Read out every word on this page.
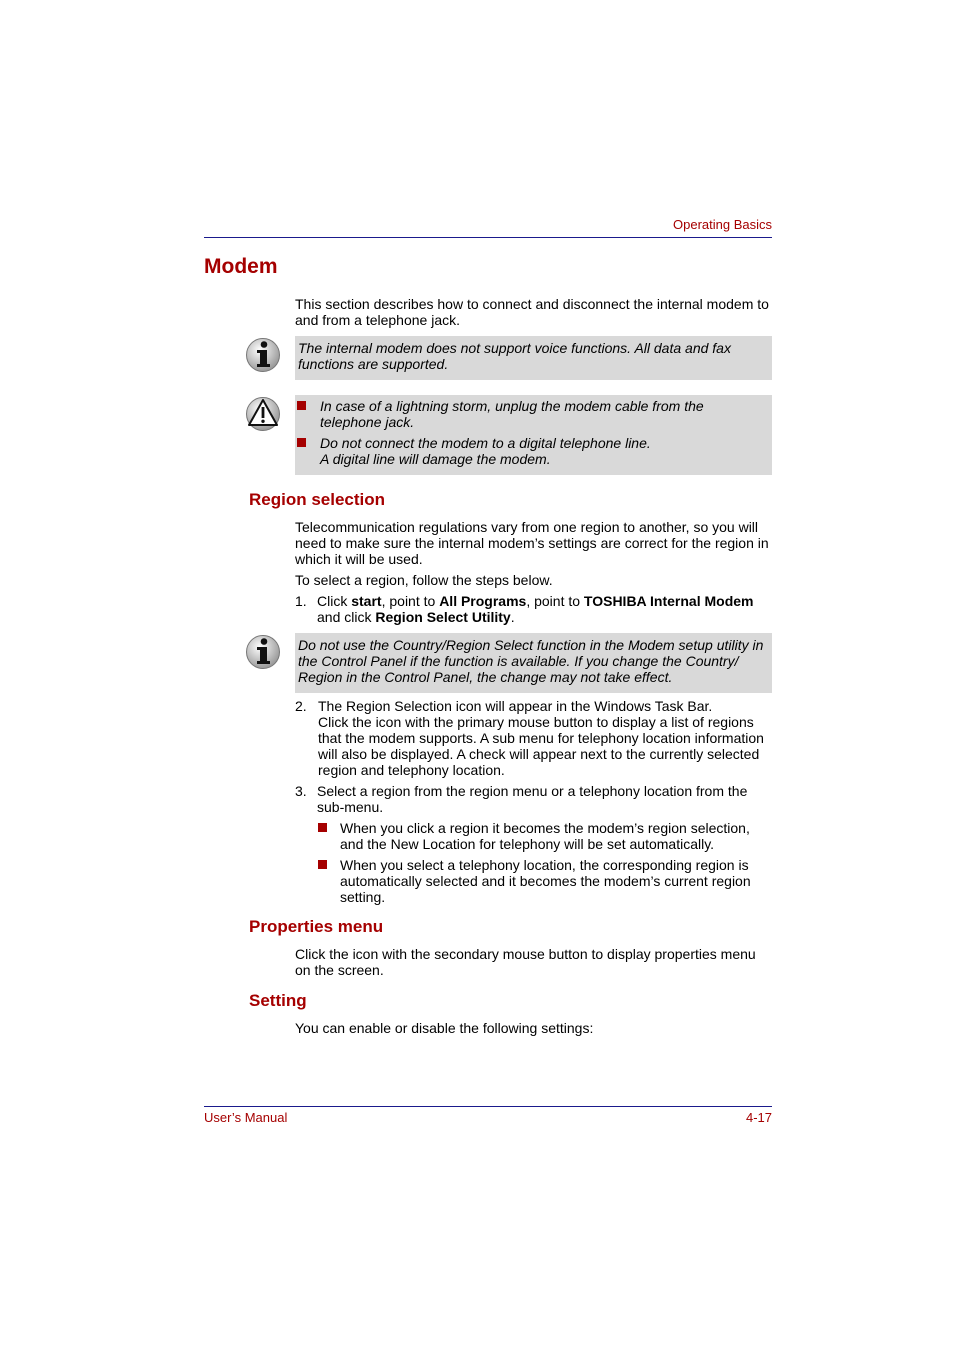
Operating Basics
Modem
This section describes how to connect and disconnect the internal modem to and from a telephone jack.
The internal modem does not support voice functions. All data and fax functions are supported.
In case of a lightning storm, unplug the modem cable from the
telephone jack.
Do not connect the modem to a digital telephone line.
A digital line will damage the modem.
Region selection
Telecommunication regulations vary from one region to another, so you will need to make sure the internal modem’s settings are correct for the region in which it will be used.
To select a region, follow the steps below.
1. Click start, point to All Programs, point to TOSHIBA Internal Modem
and click Region Select Utility.
Do not use the Country/Region Select function in the Modem setup utility in the Control Panel if the function is available. If you change the Country/ Region in the Control Panel, the change may not take effect.
2. The Region Selection icon will appear in the Windows Task Bar.
Click the icon with the primary mouse button to display a list of regions that the modem supports. A sub menu for telephony location information will also be displayed. A check will appear next to the currently selected region and telephony location.
3. Select a region from the region menu or a telephony location from the sub-menu.
When you click a region it becomes the modem’s region selection, and the New Location for telephony will be set automatically.
When you select a telephony location, the corresponding region is automatically selected and it becomes the modem’s current region setting.
Properties menu
Click the icon with the secondary mouse button to display properties menu on the screen.
Setting
You can enable or disable the following settings:
User’s Manual	4-17
